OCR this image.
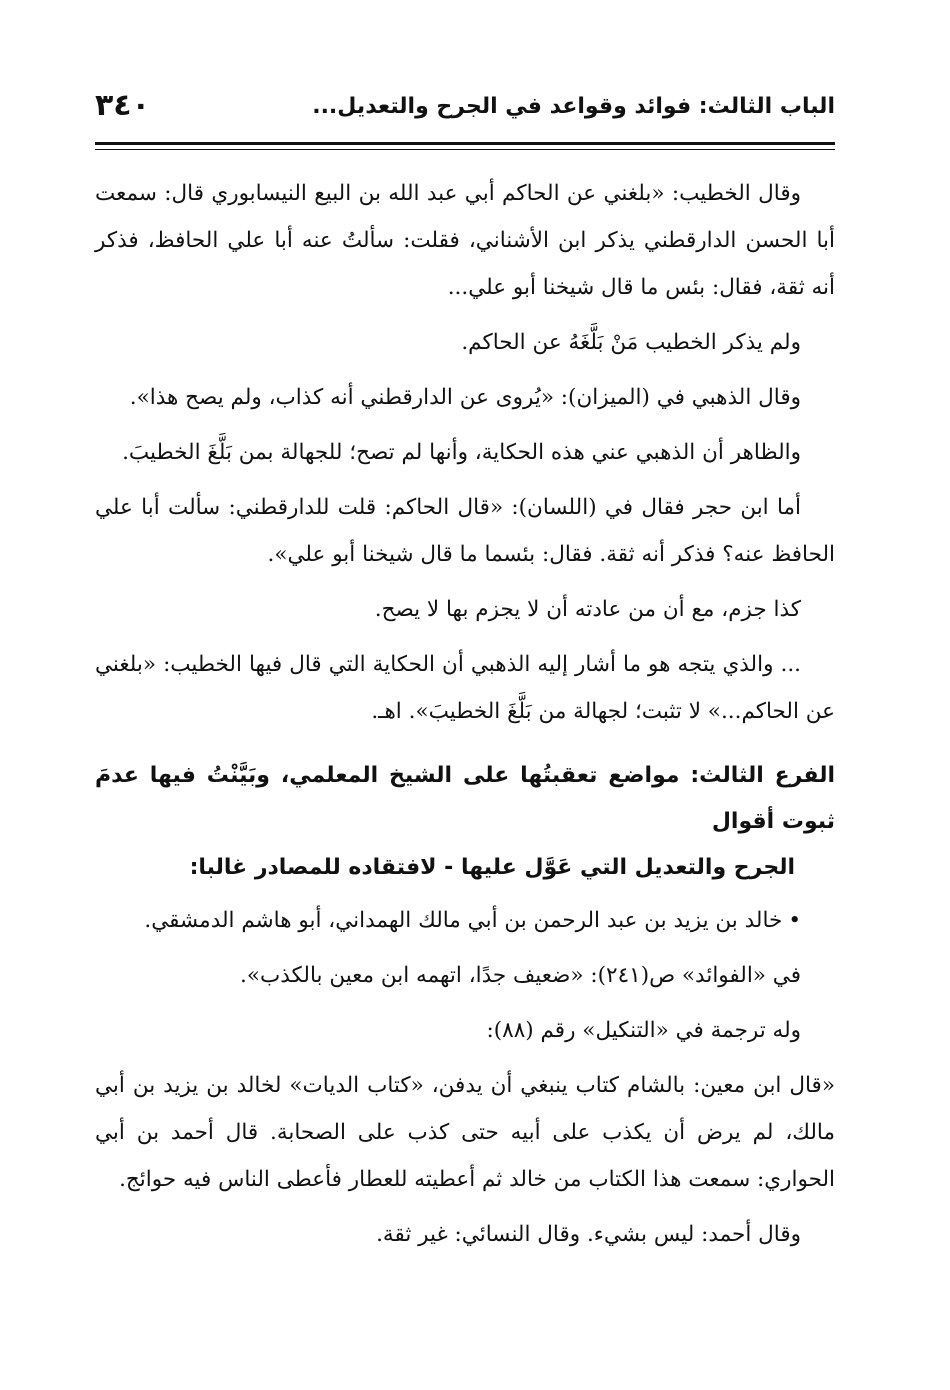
٣٤٠	الباب الثالث: فوائد وقواعد في الجرح والتعديل...

وقال الخطيب: «بلغني عن الحاكم أبي عبد الله بن البيع النيسابوري قال: سمعت أبا الحسن الدارقطني يذكر ابن الأشناني، فقلت: سألتُ عنه أبا علي الحافظ، فذكر أنه ثقة، فقال: بئس ما قال شيخنا أبو علي...

ولم يذكر الخطيب مَنْ بَلَّغَهُ عن الحاكم.

وقال الذهبي في (الميزان): «يُروى عن الدارقطني أنه كذاب، ولم يصح هذا».

والظاهر أن الذهبي عني هذه الحكاية، وأنها لم تصح؛ للجهالة بمن بَلَّغَ الخطيبَ.

أما ابن حجر فقال في (اللسان): «قال الحاكم: قلت للدارقطني: سألت أبا علي الحافظ عنه؟ فذكر أنه ثقة. فقال: بئسما ما قال شيخنا أبو علي».

كذا جزم، مع أن من عادته أن لا يجزم بها لا يصح.

... والذي يتجه هو ما أشار إليه الذهبي أن الحكاية التي قال فيها الخطيب: «بلغني عن الحاكم...» لا تثبت؛ لجهالة من بَلَّغَ الخطيبَ». اهـ.

الفرع الثالث: مواضع تعقبتُها على الشيخ المعلمي، وبَيَّنْتُ فيها عدمَ ثبوت أقوال
الجرح والتعديل التي عَوَّل عليها - لافتقاده للمصادر غالبا:

•خالد بن يزيد بن عبد الرحمن بن أبي مالك الهمداني، أبو هاشم الدمشقي.

في «الفوائد» ص(٢٤١): «ضعيف جدًا، اتهمه ابن معين بالكذب».

وله ترجمة في «التنكيل» رقم (٨٨):

«قال ابن معين: بالشام كتاب ينبغي أن يدفن، «كتاب الديات» لخالد بن يزيد بن أبي مالك، لم يرض أن يكذب على أبيه حتى كذب على الصحابة. قال أحمد بن أبي الحواري: سمعت هذا الكتاب من خالد ثم أعطيته للعطار فأعطى الناس فيه حوائج.

وقال أحمد: ليس بشيء. وقال النسائي: غير ثقة.
